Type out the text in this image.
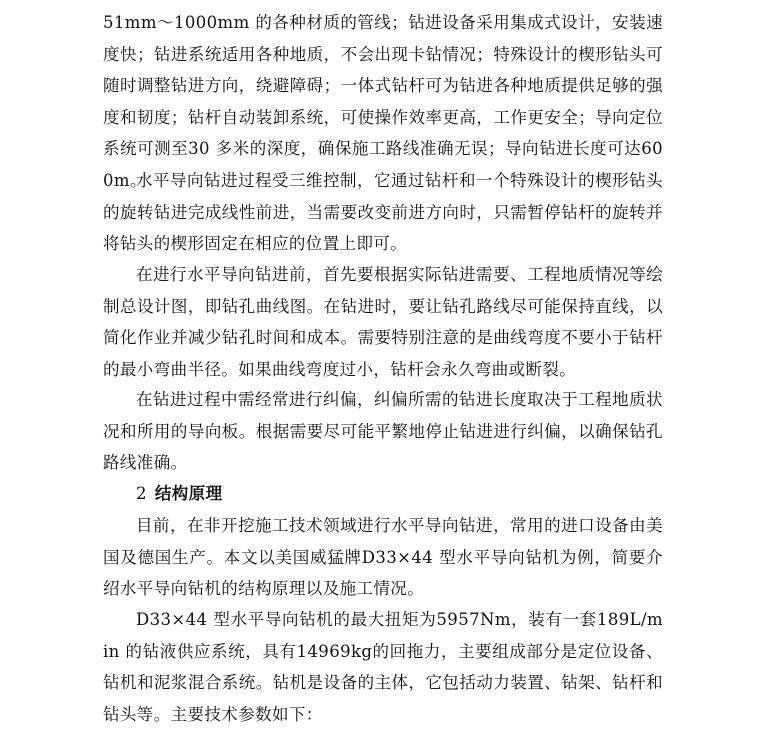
51mm～1000mm 的各种材质的管线；钻进设备采用集成式设计，安装速度快；钻进系统适用各种地质，不会出现卡钻情况；特殊设计的楔形钻头可随时调整钻进方向，绕避障碍；一体式钻杆可为钻进各种地质提供足够的强度和韧度；钻杆自动装卸系统，可使操作效率更高，工作更安全；导向定位系统可测至30 多米的深度，确保施工路线准确无误；导向钻进长度可达600m。

水平导向钻进过程受三维控制，它通过钻杆和一个特殊设计的楔形钻头的旋转钻进完成线性前进，当需要改变前进方向时，只需暂停钻杆的旋转并将钻头的楔形固定在相应的位置上即可。

在进行水平导向钻进前，首先要根据实际钻进需要、工程地质情况等绘制总设计图，即钻孔曲线图。在钻进时，要让钻孔路线尽可能保持直线，以简化作业并减少钻孔时间和成本。需要特别注意的是曲线弯度不要小于钻杆的最小弯曲半径。如果曲线弯度过小，钻杆会永久弯曲或断裂。

在钻进过程中需经常进行纠偏，纠偏所需的钻进长度取决于工程地质状况和所用的导向板。根据需要尽可能平繁地停止钻进进行纠偏，以确保钻孔路线准确。

2 结构原理

目前，在非开挖施工技术领域进行水平导向钻进，常用的进口设备由美国及德国生产。本文以美国威猛牌D33×44 型水平导向钻机为例，简要介绍水平导向钻机的结构原理以及施工情况。

D33×44 型水平导向钻机的最大扭矩为5957Nm，装有一套189L/min 的钻液供应系统，具有14969kg的回拖力，主要组成部分是定位设备、钻机和泥浆混合系统。钻机是设备的主体，它包括动力装置、钻架、钻杆和钻头等。主要技术参数如下：
